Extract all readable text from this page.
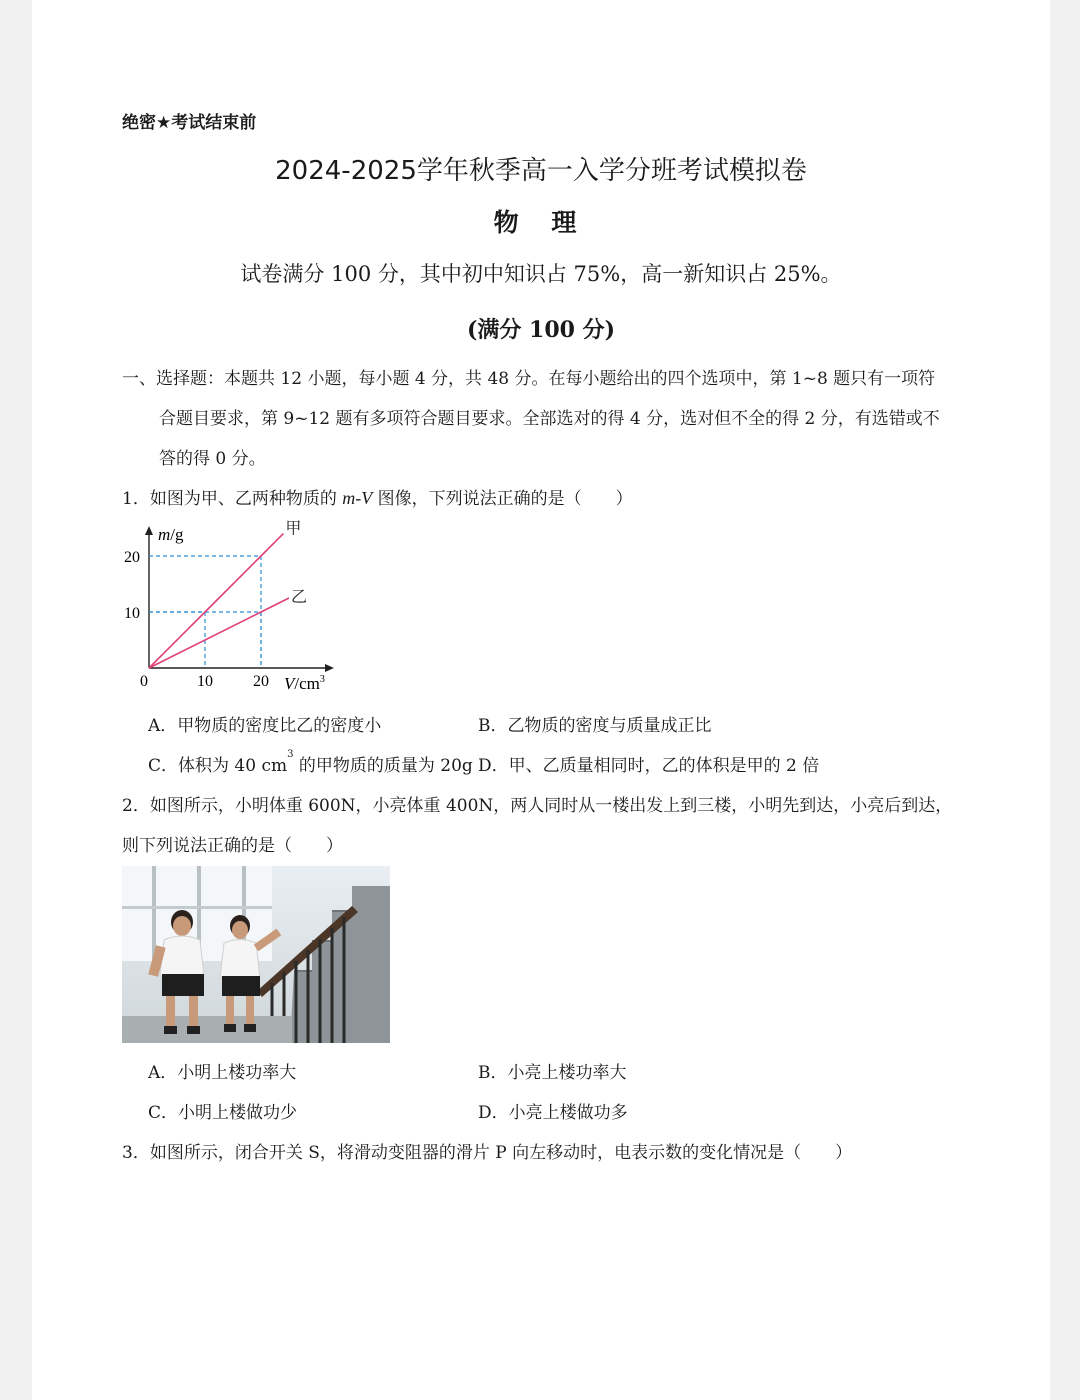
绝密★考试结束前
2024-2025学年秋季高一入学分班考试模拟卷
物 理
试卷满分 100 分，其中初中知识占 75%，高一新知识占 25%。
(满分 100 分)
一、选择题：本题共 12 小题，每小题 4 分，共 48 分。在每小题给出的四个选项中，第 1~8 题只有一项符
合题目要求，第 9~12 题有多项符合题目要求。全部选对的得 4 分，选对但不全的得 2 分，有选错或不
答的得 0 分。
1．如图为甲、乙两种物质的 m-V 图像，下列说法正确的是（　　）
m/g
$V/cm^3$
0	10	20
10
20
甲
乙
A．甲物质的密度比乙的密度小	B．乙物质的密度与质量成正比
C．体积为 40 $cm^3$ 的甲物质的质量为 20g D．甲、乙质量相同时，乙的体积是甲的 2 倍
2．如图所示，小明体重 600N，小亮体重 400N，两人同时从一楼出发上到三楼，小明先到达，小亮后到达，
则下列说法正确的是（　　）
A．小明上楼功率大	B．小亮上楼功率大
C．小明上楼做功少	D．小亮上楼做功多
3．如图所示，闭合开关 S，将滑动变阻器的滑片 P 向左移动时，电表示数的变化情况是（　　）
